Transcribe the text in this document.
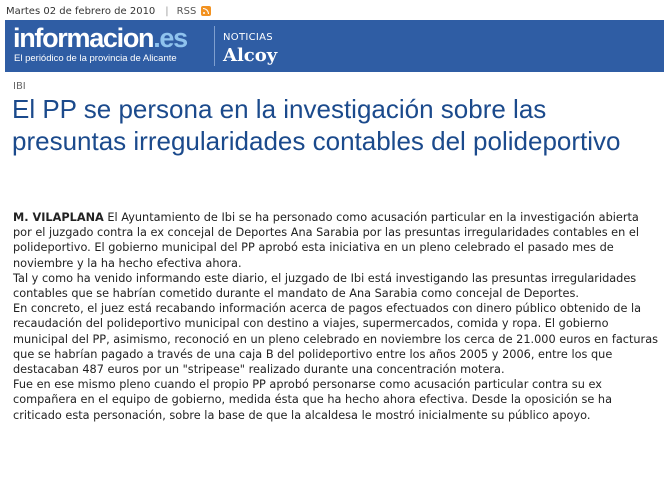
Martes 02 de febrero de 2010 | RSS
informacion.es
El periódico de la provincia de Alicante
NOTICIAS
Alcoy
IBI
El PP se persona en la investigación sobre las presuntas irregularidades contables del polideportivo

M. VILAPLANA El Ayuntamiento de Ibi se ha personado como acusación particular en la investigación abierta por el juzgado contra la ex concejal de Deportes Ana Sarabia por las presuntas irregularidades contables en el polideportivo. El gobierno municipal del PP aprobó esta iniciativa en un pleno celebrado el pasado mes de noviembre y la ha hecho efectiva ahora.

Tal y como ha venido informando este diario, el juzgado de Ibi está investigando las presuntas irregularidades contables que se habrían cometido durante el mandato de Ana Sarabia como concejal de Deportes.

En concreto, el juez está recabando información acerca de pagos efectuados con dinero público obtenido de la recaudación del polideportivo municipal con destino a viajes, supermercados, comida y ropa. El gobierno municipal del PP, asimismo, reconoció en un pleno celebrado en noviembre los cerca de 21.000 euros en facturas que se habrían pagado a través de una caja B del polideportivo entre los años 2005 y 2006, entre los que destacaban 487 euros por un "stripease" realizado durante una concentración motera.

Fue en ese mismo pleno cuando el propio PP aprobó personarse como acusación particular contra su ex compañera en el equipo de gobierno, medida ésta que ha hecho ahora efectiva. Desde la oposición se ha criticado esta personación, sobre la base de que la alcaldesa le mostró inicialmente su público apoyo.
